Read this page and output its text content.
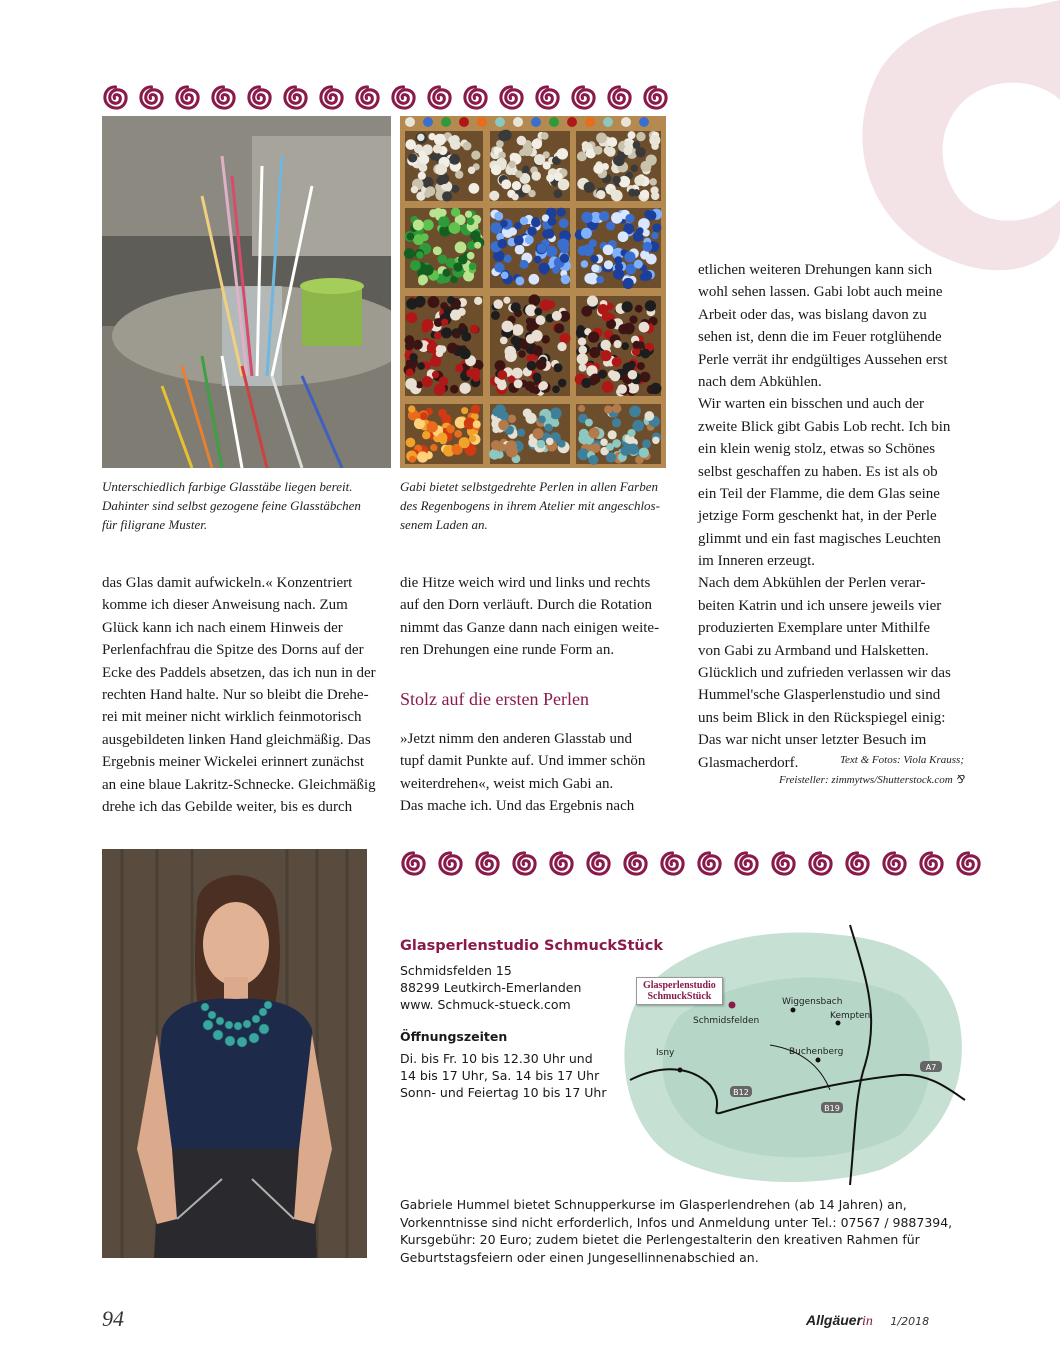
Unterschiedlich farbige Glasstäbe liegen bereit.
Dahinter sind selbst gezogene feine Glasstäbchen
für filigrane Muster.
Gabi bietet selbstgedrehte Perlen in allen Farben
des Regenbogens in ihrem Atelier mit angeschlos-
senem Laden an.
das Glas damit aufwickeln.« Konzentriert
komme ich dieser Anweisung nach. Zum
Glück kann ich nach einem Hinweis der
Perlenfachfrau die Spitze des Dorns auf der
Ecke des Paddels absetzen, das ich nun in der
rechten Hand halte. Nur so bleibt die Drehe-
rei mit meiner nicht wirklich feinmotorisch
ausgebildeten linken Hand gleichmäßig. Das
Ergebnis meiner Wickelei erinnert zunächst
an eine blaue Lakritz-Schnecke. Gleichmäßig
drehe ich das Gebilde weiter, bis es durch
die Hitze weich wird und links und rechts
auf den Dorn verläuft. Durch die Rotation
nimmt das Ganze dann nach einigen weite-
ren Drehungen eine runde Form an.
Stolz auf die ersten Perlen
»Jetzt nimm den anderen Glasstab und
tupf damit Punkte auf. Und immer schön
weiterdrehen«, weist mich Gabi an.
Das mache ich. Und das Ergebnis nach
etlichen weiteren Drehungen kann sich
wohl sehen lassen. Gabi lobt auch meine
Arbeit oder das, was bislang davon zu
sehen ist, denn die im Feuer rotglühende
Perle verrät ihr endgültiges Aussehen erst
nach dem Abkühlen.
Wir warten ein bisschen und auch der
zweite Blick gibt Gabis Lob recht. Ich bin
ein klein wenig stolz, etwas so Schönes
selbst geschaffen zu haben. Es ist als ob
ein Teil der Flamme, die dem Glas seine
jetzige Form geschenkt hat, in der Perle
glimmt und ein fast magisches Leuchten
im Inneren erzeugt.
Nach dem Abkühlen der Perlen verar-
beiten Katrin und ich unsere jeweils vier
produzierten Exemplare unter Mithilfe
von Gabi zu Armband und Halsketten.
Glücklich und zufrieden verlassen wir das
Hummel'sche Glasperlenstudio und sind
uns beim Blick in den Rückspiegel einig:
Das war nicht unser letzter Besuch im
Glasmacherdorf.	Text & Fotos: Viola Krauss;
Freisteller: zimmytws/Shutterstock.com ⅋
Glasperlenstudio SchmuckStück
Schmidsfelden 15
88299 Leutkirch-Emerlanden
www. Schmuck-stueck.com
Öffnungszeiten
Di. bis Fr. 10 bis 12.30 Uhr und
14 bis 17 Uhr, Sa. 14 bis 17 Uhr
Sonn- und Feiertag 10 bis 17 Uhr
Schmidsfelden
Wiggensbach
Kempten
Isny	Buchenberg
A7
B12
B19
Glasperlenstudio
SchmuckStück
Gabriele Hummel bietet Schnupperkurse im Glasperlendrehen (ab 14 Jahren) an,
Vorkenntnisse sind nicht erforderlich, Infos und Anmeldung unter Tel.: 07567 / 9887394,
Kursgebühr: 20 Euro; zudem bietet die Perlengestalterin den kreativen Rahmen für
Geburtstagsfeiern oder einen Jungesellinnenabschied an.
94	Allgäuerin 1/2018
